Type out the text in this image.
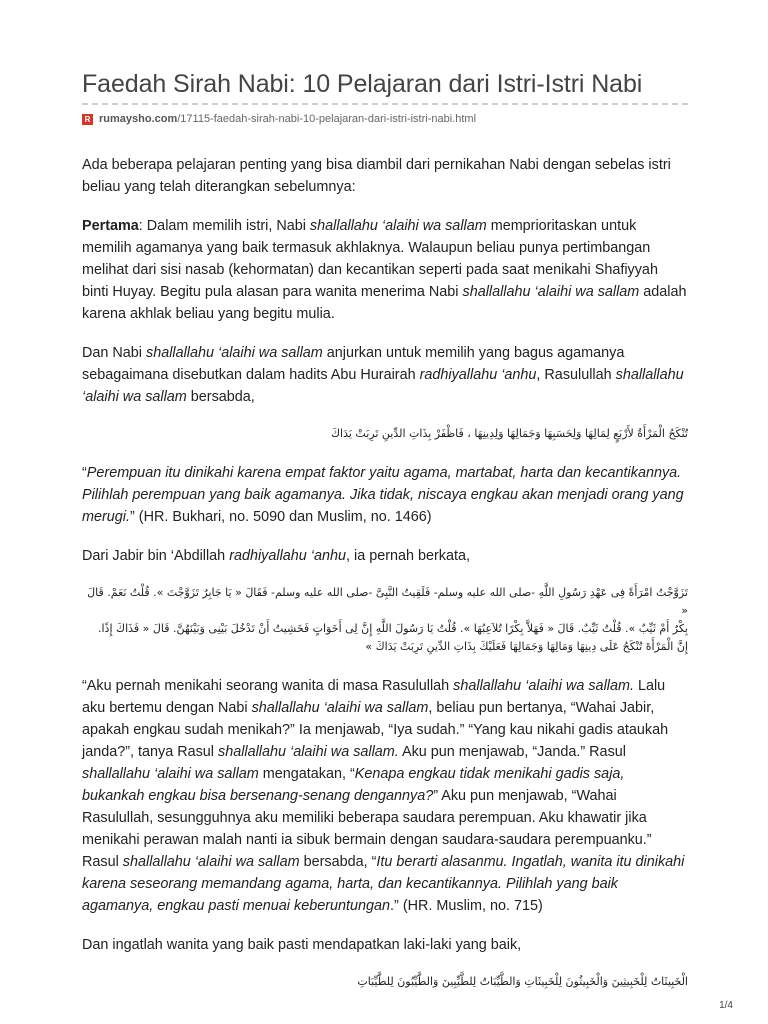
Faedah Sirah Nabi: 10 Pelajaran dari Istri-Istri Nabi
R rumaysho.com /17115-faedah-sirah-nabi-10-pelajaran-dari-istri-istri-nabi.html

Ada beberapa pelajaran penting yang bisa diambil dari pernikahan Nabi dengan sebelas istri beliau yang telah diterangkan sebelumnya:

Pertama: Dalam memilih istri, Nabi shallallahu ‘alaihi wa sallam memprioritaskan untuk memilih agamanya yang baik termasuk akhlaknya. Walaupun beliau punya pertimbangan melihat dari sisi nasab (kehormatan) dan kecantikan seperti pada saat menikahi Shafiyyah binti Huyay. Begitu pula alasan para wanita menerima Nabi shallallahu ‘alaihi wa sallam adalah karena akhlak beliau yang begitu mulia.

Dan Nabi shallallahu ‘alaihi wa sallam anjurkan untuk memilih yang bagus agamanya sebagaimana disebutkan dalam hadits Abu Hurairah radhiyallahu ‘anhu, Rasulullah shallallahu ‘alaihi wa sallam bersabda,

تُنْكَحُ الْمَرْأَةُ لأَرْبَعٍ لِمَالِهَا وَلِحَسَبِهَا وَجَمَالِهَا وَلِدِينِهَا ، فَاظْفَرْ بِذَاتِ الدِّينِ تَرِبَتْ يَدَاكَ

“Perempuan itu dinikahi karena empat faktor yaitu agama, martabat, harta dan kecantikannya. Pilihlah perempuan yang baik agamanya. Jika tidak, niscaya engkau akan menjadi orang yang merugi.” (HR. Bukhari, no. 5090 dan Muslim, no. 1466)

Dari Jabir bin ‘Abdillah radhiyallahu ‘anhu, ia pernah berkata,

تَزَوَّجْتُ امْرَأَةً فِى عَهْدِ رَسُولِ اللَّهِ -صلى الله عليه وسلم- فَلَقِيتُ النَّبِىَّ -صلى الله عليه وسلم- فَقَالَ « يَا جَابِرُ تَزَوَّجْتَ ». قُلْتُ نَعَمْ. قَالَ «
بِكْرٌ أَمْ ثَيِّبٌ ». قُلْتُ ثَيِّبٌ. قَالَ « فَهَلاَّ بِكْرًا تُلاَعِبُهَا ». قُلْتُ يَا رَسُولَ اللَّهِ إِنَّ لِى أَخَوَاتٍ فَخَشِيتُ أَنْ تَدْخُلَ بَيْنِى وَبَيْنَهُنَّ. قَالَ « فَذَاكَ إِذًا.
إِنَّ الْمَرْأَةَ تُنْكَحُ عَلَى دِينِهَا وَمَالِهَا وَجَمَالِهَا فَعَلَيْكَ بِذَاتِ الدِّينِ تَرِبَتْ يَدَاكَ »

“Aku pernah menikahi seorang wanita di masa Rasulullah shallallahu ‘alaihi wa sallam. Lalu aku bertemu dengan Nabi shallallahu ‘alaihi wa sallam, beliau pun bertanya, “Wahai Jabir, apakah engkau sudah menikah?” Ia menjawab, “Iya sudah.” “Yang kau nikahi gadis ataukah janda?”, tanya Rasul shallallahu ‘alaihi wa sallam. Aku pun menjawab, “Janda.” Rasul shallallahu ‘alaihi wa sallam mengatakan, “Kenapa engkau tidak menikahi gadis saja, bukankah engkau bisa bersenang-senang dengannya?” Aku pun menjawab, “Wahai Rasulullah, sesungguhnya aku memiliki beberapa saudara perempuan. Aku khawatir jika menikahi perawan malah nanti ia sibuk bermain dengan saudara-saudara perempuanku.” Rasul shallallahu ‘alaihi wa sallam bersabda, “Itu berarti alasanmu. Ingatlah, wanita itu dinikahi karena seseorang memandang agama, harta, dan kecantikannya. Pilihlah yang baik agamanya, engkau pasti menuai keberuntungan.” (HR. Muslim, no. 715)

Dan ingatlah wanita yang baik pasti mendapatkan laki-laki yang baik,

الْخَبِيثَاتُ لِلْخَبِيثِينَ وَالْخَبِيثُونَ لِلْخَبِيثَاتِ وَالطَّيِّبَاتُ لِلطَّيِّبِينَ وَالطَّيِّبُونَ لِلطَّيِّبَاتِ
1/4
